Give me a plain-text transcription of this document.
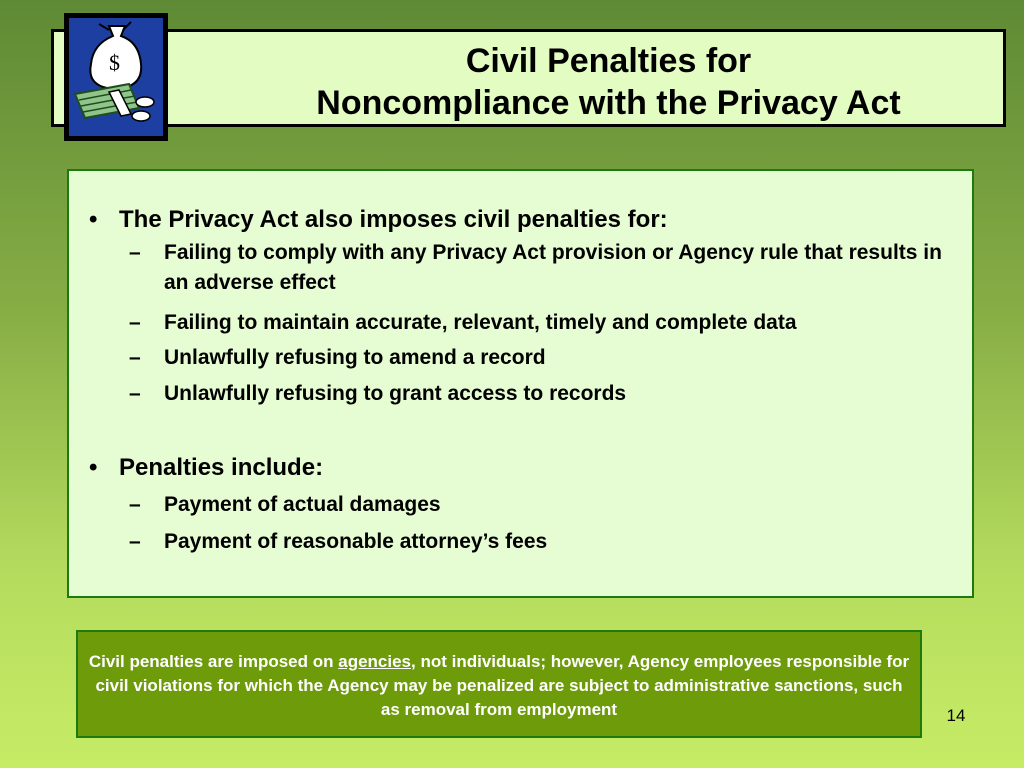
Civil Penalties for
Noncompliance with the Privacy Act
$
• The Privacy Act also imposes civil penalties for:
– Failing to comply with any Privacy Act provision or Agency rule that results in an adverse effect
– Failing to maintain accurate, relevant, timely and complete data
– Unlawfully refusing to amend a record
– Unlawfully refusing to grant access to records
• Penalties include:
– Payment of actual damages
– Payment of reasonable attorney’s fees
Civil penalties are imposed on agencies, not individuals; however, Agency employees responsible for civil violations for which the Agency may be penalized are subject to administrative sanctions, such as removal from employment	14
